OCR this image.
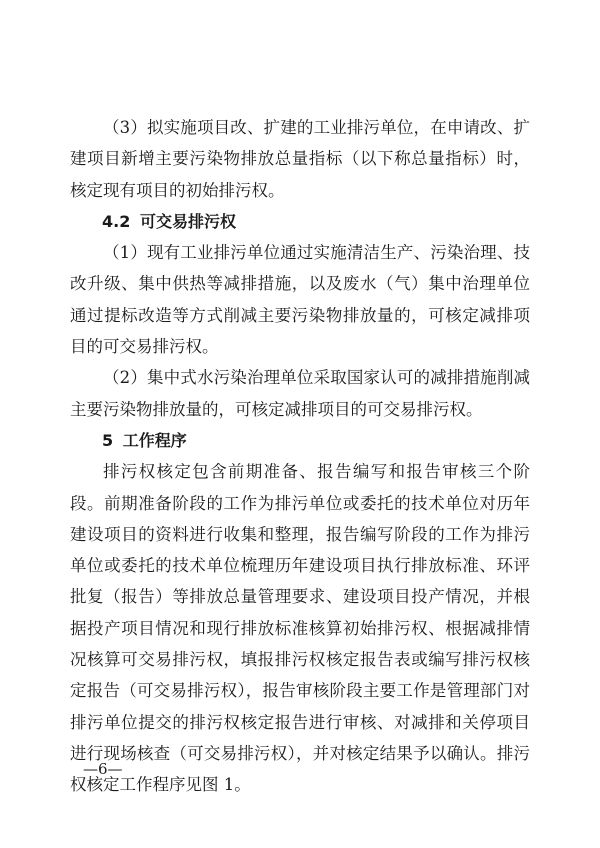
（3）拟实施项目改、扩建的工业排污单位，在申请改、扩建项目新增主要污染物排放总量指标（以下称总量指标）时，核定现有项目的初始排污权。

4.2 可交易排污权

（1）现有工业排污单位通过实施清洁生产、污染治理、技改升级、集中供热等减排措施，以及废水（气）集中治理单位通过提标改造等方式削减主要污染物排放量的，可核定减排项目的可交易排污权。

（2）集中式水污染治理单位采取国家认可的减排措施削减主要污染物排放量的，可核定减排项目的可交易排污权。

5 工作程序

排污权核定包含前期准备、报告编写和报告审核三个阶段。前期准备阶段的工作为排污单位或委托的技术单位对历年建设项目的资料进行收集和整理，报告编写阶段的工作为排污单位或委托的技术单位梳理历年建设项目执行排放标准、环评批复（报告）等排放总量管理要求、建设项目投产情况，并根据投产项目情况和现行排放标准核算初始排污权、根据减排情况核算可交易排污权，填报排污权核定报告表或编写排污权核定报告（可交易排污权），报告审核阶段主要工作是管理部门对排污单位提交的排污权核定报告进行审核、对减排和关停项目进行现场核查（可交易排污权），并对核定结果予以确认。排污权核定工作程序见图 1。

—6—
